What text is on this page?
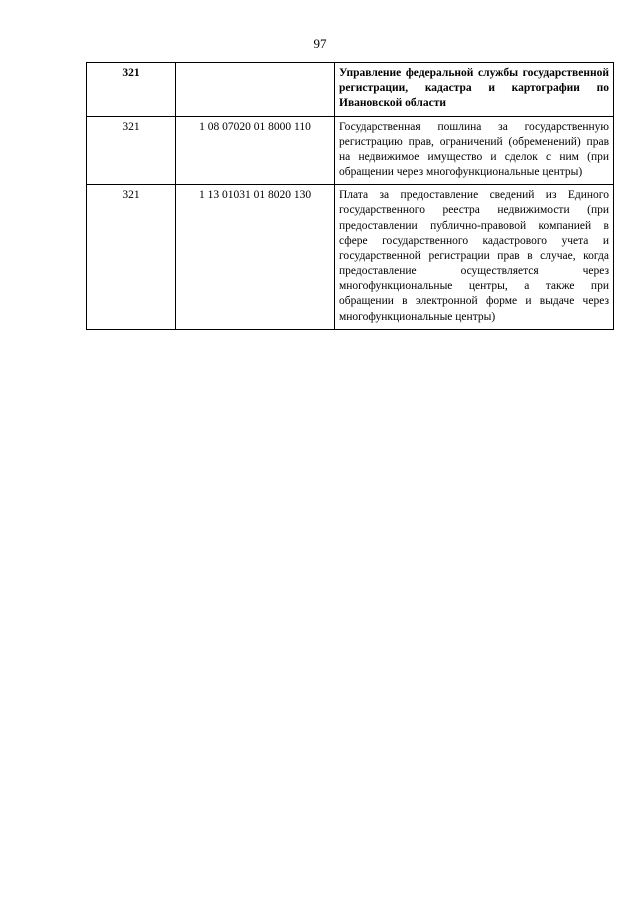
97
321		Управление федеральной службы государственной регистрации, кадастра и картографии по Ивановской области
321	1 08 07020 01 8000 110	Государственная пошлина за государственную регистрацию прав, ограничений (обременений) прав на недвижимое имущество и сделок с ним (при обращении через многофункциональные центры)
321	1 13 01031 01 8020 130	Плата за предоставление сведений из Единого государственного реестра недвижимости (при предоставлении публично-правовой компанией в сфере государственного кадастрового учета и государственной регистрации прав в случае, когда предоставление осуществляется через многофункциональные центры, а также при обращении в электронной форме и выдаче через многофункциональные центры)
